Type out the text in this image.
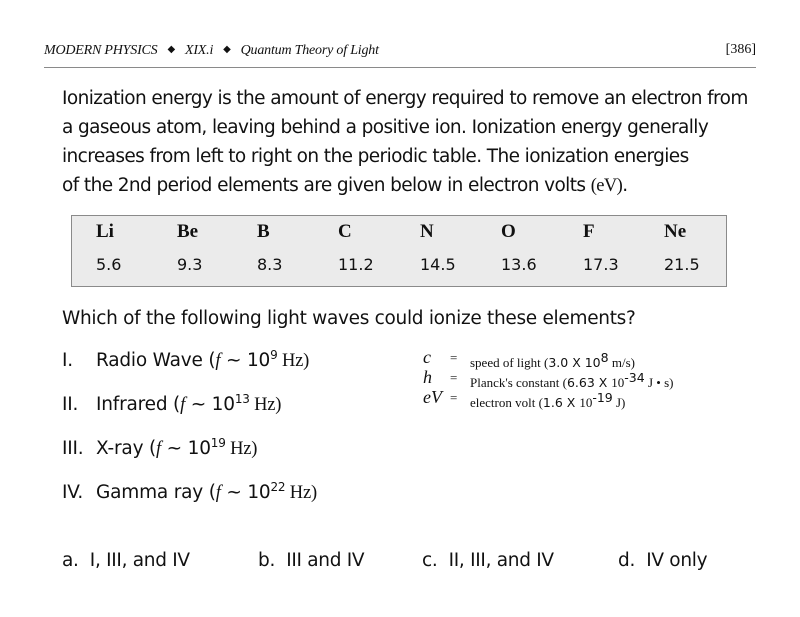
MODERN PHYSICS ◆ XIX.i ◆ Quantum Theory of Light	[386]

Ionization energy is the amount of energy required to remove an electron from

a gaseous atom, leaving behind a positive ion. Ionization energy generally

increases from left to right on the periodic table. The ionization energies

of the 2nd period elements are given below in electron volts (eV).

Li	Be	B	C	N	O	F	Ne
5.6	9.3	8.3	11.2	14.5	13.6	17.3	21.5
Which of the following light waves could ionize these elements?
I. Radio Wave (f ~ $10^9$ Hz)
II. Infrared (f ~ $10^{13}$ Hz)
III. X-ray (f ~ $10^{19}$ Hz)
IV. Gamma ray (f ~ $10^{22}$ Hz)
c = speed of light (3.0 X $10^8$ m/s)
h = Planck's constant (6.63 X $10^{-34}$ J • s)
eV = electron volt (1.6 X $10^{-19}$ J)
a. I, III, and IV	b. III and IV	c. II, III, and IV	d. IV only
